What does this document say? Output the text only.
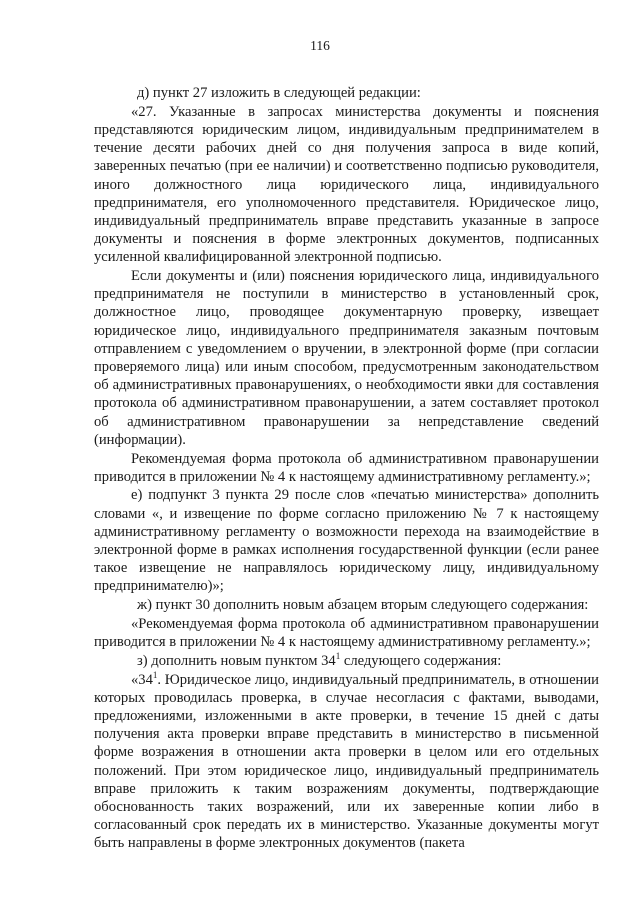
116

д) пункт 27 изложить в следующей редакции:

«27. Указанные в запросах министерства документы и пояснения представляются юридическим лицом, индивидуальным предпринимателем в течение десяти рабочих дней со дня получения запроса в виде копий, заверенных печатью (при ее наличии) и соответственно подписью руководителя, иного должностного лица юридического лица, индивидуального предпринимателя, его уполномоченного представителя. Юридическое лицо, индивидуальный предприниматель вправе представить указанные в запросе документы и пояснения в форме электронных документов, подписанных усиленной квалифицированной электронной подписью.

Если документы и (или) пояснения юридического лица, индивидуального предпринимателя не поступили в министерство в установленный срок, должностное лицо, проводящее документарную проверку, извещает юридическое лицо, индивидуального предпринимателя заказным почтовым отправлением с уведомлением о вручении, в электронной форме (при согласии проверяемого лица) или иным способом, предусмотренным законодательством об административных правонарушениях, о необходимости явки для составления протокола об административном правонарушении, а затем составляет протокол об административном правонарушении за непредставление сведений (информации).

Рекомендуемая форма протокола об административном правонарушении приводится в приложении № 4 к настоящему административному регламенту.»;

е) подпункт 3 пункта 29 после слов «печатью министерства» дополнить словами «, и извещение по форме согласно приложению № 7 к настоящему административному регламенту о возможности перехода на взаимодействие в электронной форме в рамках исполнения государственной функции (если ранее такое извещение не направлялось юридическому лицу, индивидуальному предпринимателю)»;

ж) пункт 30 дополнить новым абзацем вторым следующего содержания:

«Рекомендуемая форма протокола об административном правонарушении приводится в приложении № 4 к настоящему административному регламенту.»;

з) дополнить новым пунктом $34^1$ следующего содержания:

«$34^1$. Юридическое лицо, индивидуальный предприниматель, в отношении которых проводилась проверка, в случае несогласия с фактами, выводами, предложениями, изложенными в акте проверки, в течение 15 дней с даты получения акта проверки вправе представить в министерство в письменной форме возражения в отношении акта проверки в целом или его отдельных положений. При этом юридическое лицо, индивидуальный предприниматель вправе приложить к таким возражениям документы, подтверждающие обоснованность таких возражений, или их заверенные копии либо в согласованный срок передать их в министерство. Указанные документы могут быть направлены в форме электронных документов (пакета
